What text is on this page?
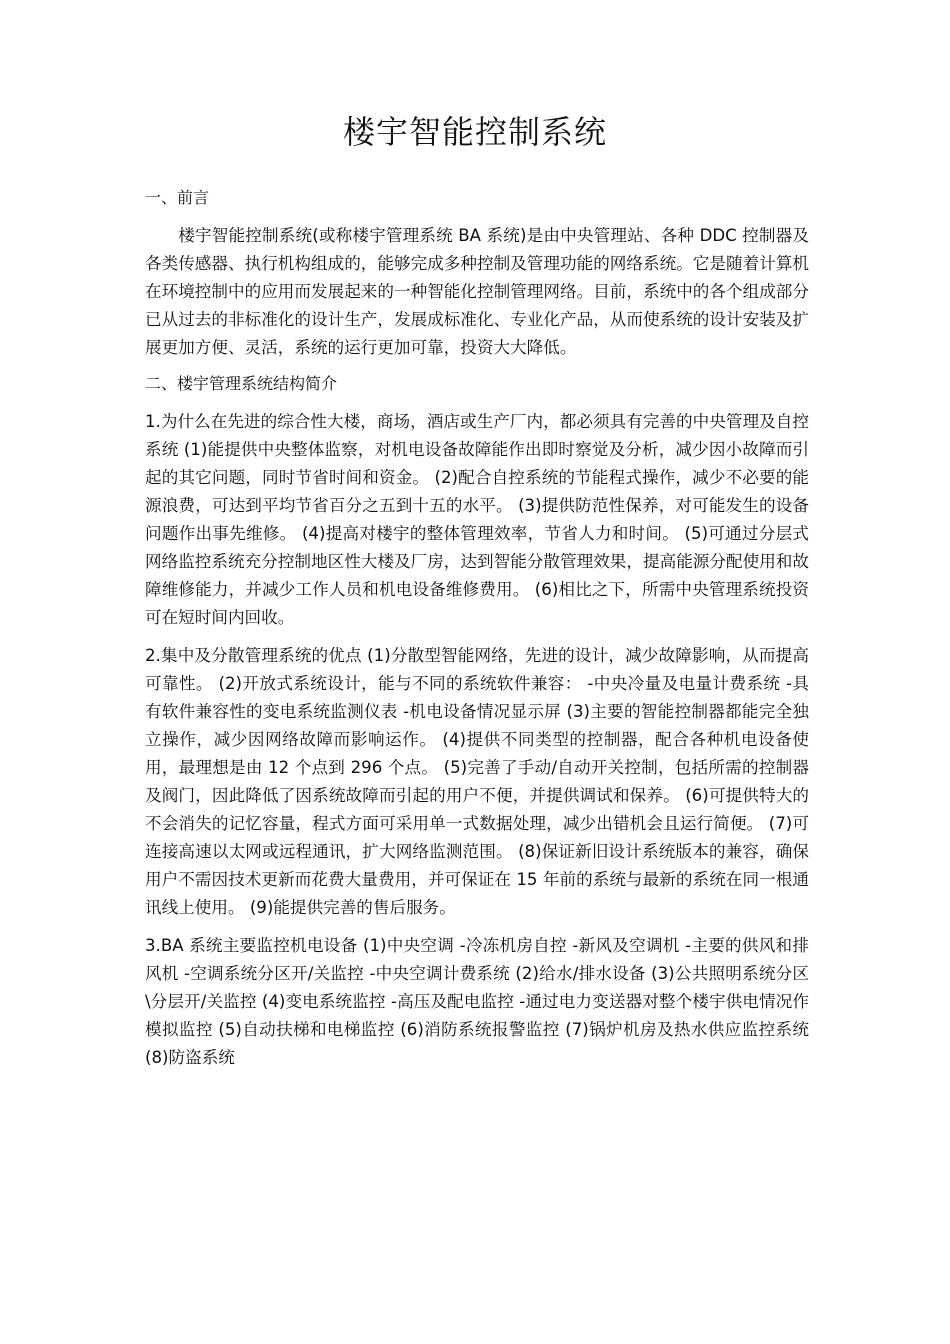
楼宇智能控制系统
一、前言

楼宇智能控制系统(或称楼宇管理系统 BA 系统)是由中央管理站、各种 DDC 控制器及各类传感器、执行机构组成的，能够完成多种控制及管理功能的网络系统。它是随着计算机在环境控制中的应用而发展起来的一种智能化控制管理网络。目前，系统中的各个组成部分已从过去的非标准化的设计生产，发展成标准化、专业化产品，从而使系统的设计安装及扩展更加方便、灵活，系统的运行更加可靠，投资大大降低。

二、楼宇管理系统结构简介

1.为什么在先进的综合性大楼，商场，酒店或生产厂内，都必须具有完善的中央管理及自控系统 (1)能提供中央整体监察，对机电设备故障能作出即时察觉及分析，减少因小故障而引起的其它问题，同时节省时间和资金。 (2)配合自控系统的节能程式操作，减少不必要的能源浪费，可达到平均节省百分之五到十五的水平。 (3)提供防范性保养，对可能发生的设备问题作出事先维修。 (4)提高对楼宇的整体管理效率，节省人力和时间。 (5)可通过分层式网络监控系统充分控制地区性大楼及厂房，达到智能分散管理效果，提高能源分配使用和故障维修能力，并减少工作人员和机电设备维修费用。 (6)相比之下，所需中央管理系统投资可在短时间内回收。

2.集中及分散管理系统的优点 (1)分散型智能网络，先进的设计，减少故障影响，从而提高可靠性。 (2)开放式系统设计，能与不同的系统软件兼容： -中央冷量及电量计费系统 -具有软件兼容性的变电系统监测仪表 -机电设备情况显示屏 (3)主要的智能控制器都能完全独立操作，减少因网络故障而影响运作。 (4)提供不同类型的控制器，配合各种机电设备使用，最理想是由 12 个点到 296 个点。 (5)完善了手动/自动开关控制，包括所需的控制器及阀门，因此降低了因系统故障而引起的用户不便，并提供调试和保养。 (6)可提供特大的不会消失的记忆容量，程式方面可采用单一式数据处理，减少出错机会且运行简便。 (7)可连接高速以太网或远程通讯，扩大网络监测范围。 (8)保证新旧设计系统版本的兼容，确保用户不需因技术更新而花费大量费用，并可保证在 15 年前的系统与最新的系统在同一根通讯线上使用。 (9)能提供完善的售后服务。

3.BA 系统主要监控机电设备 (1)中央空调 -冷冻机房自控 -新风及空调机 -主要的供风和排风机 -空调系统分区开/关监控 -中央空调计费系统 (2)给水/排水设备 (3)公共照明系统分区\分层开/关监控 (4)变电系统监控 -高压及配电监控 -通过电力变送器对整个楼宇供电情况作模拟监控 (5)自动扶梯和电梯监控 (6)消防系统报警监控 (7)锅炉机房及热水供应监控系统 (8)防盗系统
